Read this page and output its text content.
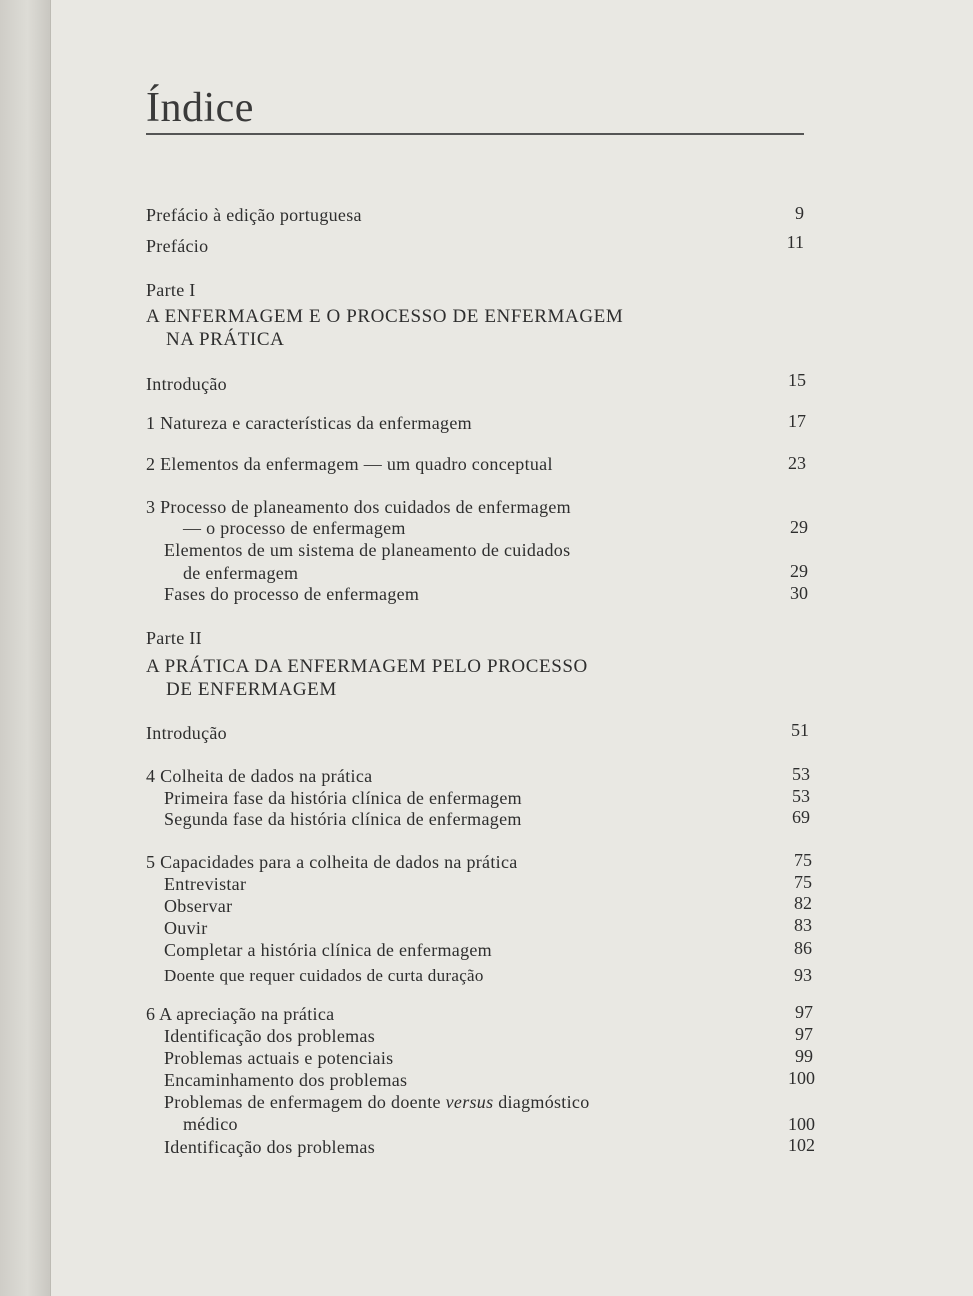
Índice
Prefácio à edição portuguesa	9
Prefácio	11
Parte I
A ENFERMAGEM E O PROCESSO DE ENFERMAGEM
NA PRÁTICA
Introdução	15
1 Natureza e características da enfermagem	17
2 Elementos da enfermagem — um quadro conceptual	23
3 Processo de planeamento dos cuidados de enfermagem
— o processo de enfermagem	29
Elementos de um sistema de planeamento de cuidados
de enfermagem	29
Fases do processo de enfermagem	30
Parte II
A PRÁTICA DA ENFERMAGEM PELO PROCESSO
DE ENFERMAGEM
Introdução	51
4 Colheita de dados na prática	53
Primeira fase da história clínica de enfermagem	53
Segunda fase da história clínica de enfermagem	69
5 Capacidades para a colheita de dados na prática	75
Entrevistar	75
Observar	82
Ouvir	83
Completar a história clínica de enfermagem	86
Doente que requer cuidados de curta duração	93
6 A apreciação na prática	97
Identificação dos problemas	97
Problemas actuais e potenciais	99
Encaminhamento dos problemas	100
Problemas de enfermagem do doente versus diagmóstico
médico	100
Identificação dos problemas	102
